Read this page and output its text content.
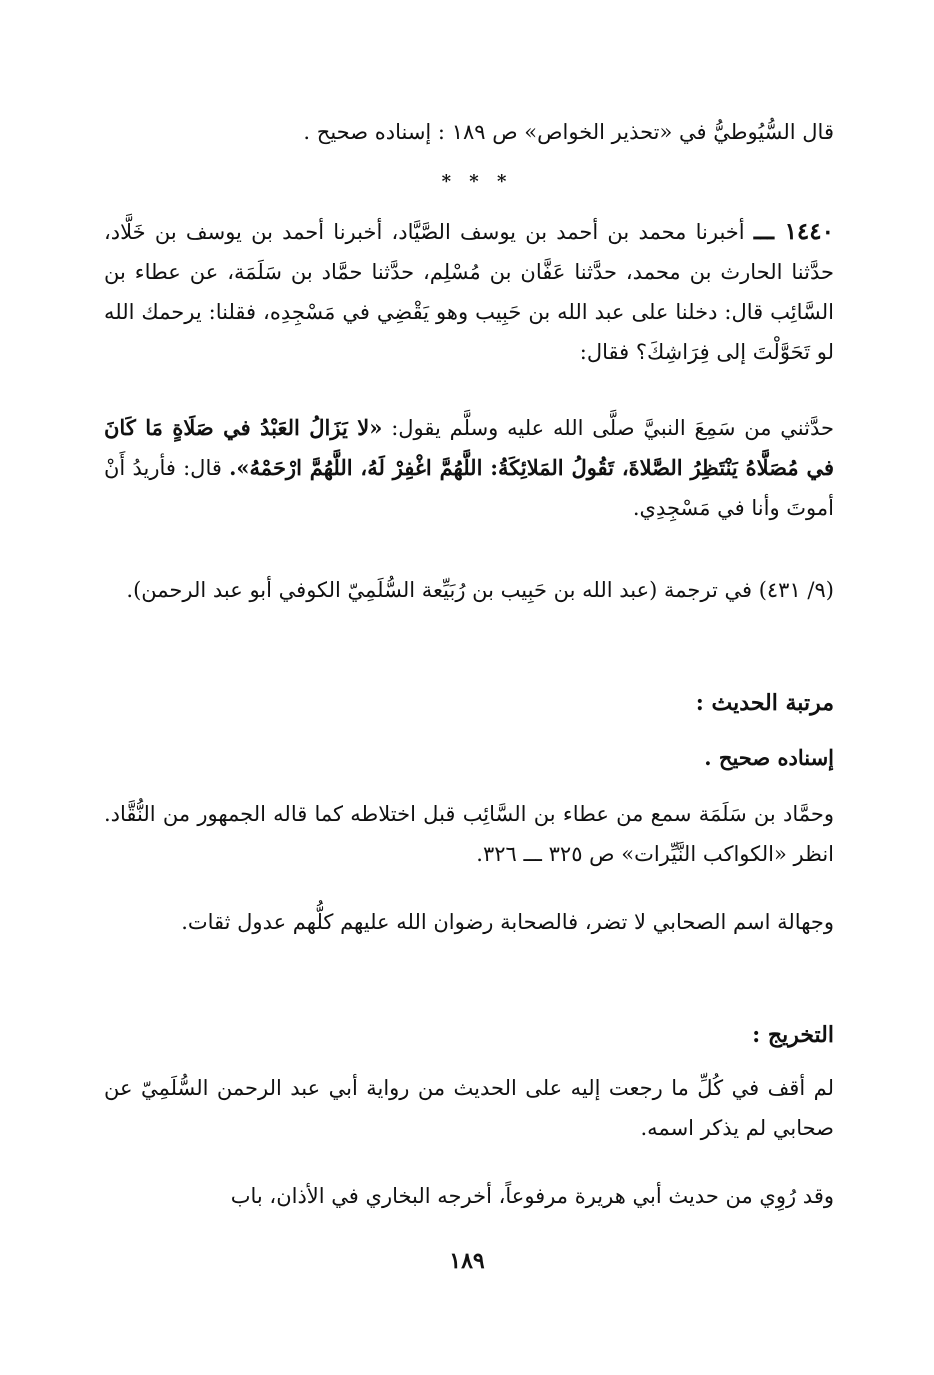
قال السُّيُوطيُّ في «تحذير الخواص» ص ١٨٩ : إسناده صحيح .
* * *
١٤٤٠ ـــ أخبرنا محمد بن أحمد بن يوسف الصَّيَّاد، أخبرنا أحمد بن يوسف بن خَلَّاد، حدَّثنا الحارث بن محمد، حدَّثنا عَفَّان بن مُسْلِم، حدَّثنا حمَّاد بن سَلَمَة، عن عطاء بن السَّائِب قال: دخلنا على عبد الله بن حَبِيب وهو يَقْضِي في مَسْجِدِه، فقلنا: يرحمك الله لو تَحَوَّلْتَ إلى فِرَاشِكَ؟ فقال:
حدَّثني من سَمِعَ النبيَّ صلَّى الله عليه وسلَّم يقول: «لا يَزَالُ العَبْدُ في صَلَاةٍ مَا كَانَ في مُصَلَّاهُ يَنْتَظِرُ الصَّلاةَ، تَقُولُ المَلائِكَةُ: اللَّهُمَّ اغْفِرْ لَهُ، اللَّهُمَّ ارْحَمْهُ». قال: فأريدُ أَنْ أموتَ وأنا في مَسْجِدِي.
(٩/ ٤٣١) في ترجمة (عبد الله بن حَبِيب بن رُبَيِّعة السُّلَمِيّ الكوفي أبو عبد الرحمن).
مرتبة الحديث :
إسناده صحيح .
وحمَّاد بن سَلَمَة سمع من عطاء بن السَّائِب قبل اختلاطه كما قاله الجمهور من النُّقَّاد. انظر «الكواكب النَّيِّرات» ص ٣٢٥ ـــ ٣٢٦.
وجهالة اسم الصحابي لا تضر، فالصحابة رضوان الله عليهم كلُّهم عدول ثقات.
التخريج :
لم أقف في كُلِّ ما رجعت إليه على الحديث من رواية أبي عبد الرحمن السُّلَمِيّ عن صحابي لم يذكر اسمه.
وقد رُوِي من حديث أبي هريرة مرفوعاً، أخرجه البخاري في الأذان، باب
١٨٩
